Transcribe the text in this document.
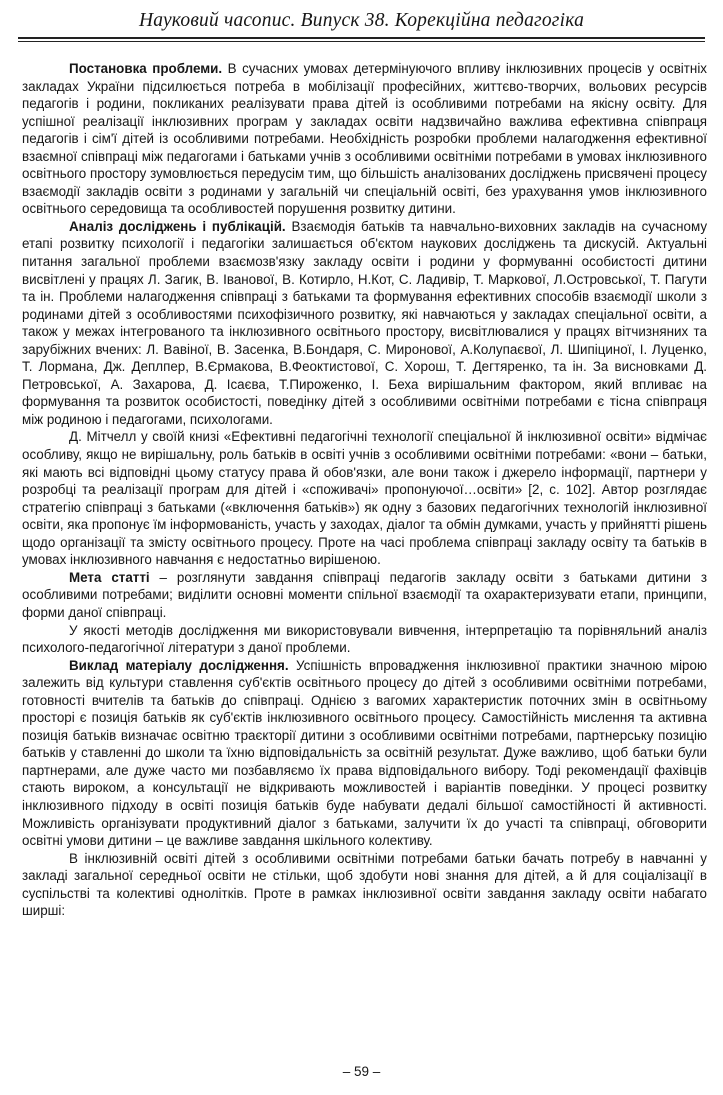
Науковий часопис. Випуск 38. Корекційна педагогіка

Постановка проблеми. В сучасних умовах детермінуючого впливу інклюзивних процесів у освітніх закладах України підсилюється потреба в мобілізації професійних, життєво-творчих, вольових ресурсів педагогів і родини, покликаних реалізувати права дітей із особливими потребами на якісну освіту. Для успішної реалізації інклюзивних програм у закладах освіти надзвичайно важлива ефективна співпраця педагогів і сім'ї дітей із особливими потребами. Необхідність розробки проблеми налагодження ефективної взаємної співпраці між педагогами і батьками учнів з особливими освітніми потребами в умовах інклюзивного освітнього простору зумовлюється передусім тим, що більшість аналізованих досліджень присвячені процесу взаємодії закладів освіти з родинами у загальній чи спеціальній освіті, без урахування умов інклюзивного освітнього середовища та особливостей порушення розвитку дитини.

Аналіз досліджень і публікацій. Взаємодія батьків та навчально-виховних закладів на сучасному етапі розвитку психології і педагогіки залишається об'єктом наукових досліджень та дискусій. Актуальні питання загальної проблеми взаємозв'язку закладу освіти і родини у формуванні особистості дитини висвітлені у працях Л. Загик, В. Іванової, В. Котирло, Н.Кот, С. Ладивір, Т. Маркової, Л.Островської, Т. Пагути та ін. Проблеми налагодження співпраці з батьками та формування ефективних способів взаємодії школи з родинами дітей з особливостями психофізичного розвитку, які навчаються у закладах спеціальної освіти, а також у межах інтегрованого та інклюзивного освітнього простору, висвітлювалися у працях вітчизняних та зарубіжних вчених: Л. Вавіної, В. Засенка, В.Бондаря, С. Миронової, А.Колупаєвої, Л. Шипіциної, І. Луценко, Т. Лормана, Дж. Деплпер, В.Єрмакова, В.Феоктистової, С. Хорош, Т. Дегтяренко, та ін. За висновками Д. Петровської, А. Захарова, Д. Ісаєва, Т.Пироженко, І. Беха вирішальним фактором, який впливає на формування та розвиток особистості, поведінку дітей з особливими освітніми потребами є тісна співпраця між родиною і педагогами, психологами.

Д. Мітчелл у своїй книзі «Ефективні педагогічні технології спеціальної й інклюзивної освіти» відмічає особливу, якщо не вирішальну, роль батьків в освіті учнів з особливими освітніми потребами: «вони – батьки, які мають всі відповідні цьому статусу права й обов'язки, але вони також і джерело інформації, партнери у розробці та реалізації програм для дітей і «споживачі» пропонуючої…освіти» [2, с. 102]. Автор розглядає стратегію співпраці з батьками («включення батьків») як одну з базових педагогічних технологій інклюзивної освіти, яка пропонує їм інформованість, участь у заходах, діалог та обмін думками, участь у прийнятті рішень щодо організації та змісту освітнього процесу. Проте на часі проблема співпраці закладу освіту та батьків в умовах інклюзивного навчання є недостатньо вирішеною.

Мета статті – розглянути завдання співпраці педагогів закладу освіти з батьками дитини з особливими потребами; виділити основні моменти спільної взаємодії та охарактеризувати етапи, принципи, форми даної співпраці.

У якості методів дослідження ми використовували вивчення, інтерпретацію та порівняльний аналіз психолого-педагогічної літератури з даної проблеми.

Виклад матеріалу дослідження. Успішність впровадження інклюзивної практики значною мірою залежить від культури ставлення суб'єктів освітнього процесу до дітей з особливими освітніми потребами, готовності вчителів та батьків до співпраці. Однією з вагомих характеристик поточних змін в освітньому просторі є позиція батьків як суб'єктів інклюзивного освітнього процесу. Самостійність мислення та активна позиція батьків визначає освітню траєкторії дитини з особливими освітніми потребами, партнерську позицію батьків у ставленні до школи та їхню відповідальність за освітній результат. Дуже важливо, щоб батьки були партнерами, але дуже часто ми позбавляємо їх права відповідального вибору. Тоді рекомендації фахівців стають вироком, а консультації не відкривають можливостей і варіантів поведінки. У процесі розвитку інклюзивного підходу в освіті позиція батьків буде набувати дедалі більшої самостійності й активності. Можливість організувати продуктивний діалог з батьками, залучити їх до участі та співпраці, обговорити освітні умови дитини – це важливе завдання шкільного колективу.

В інклюзивній освіті дітей з особливими освітніми потребами батьки бачать потребу в навчанні у закладі загальної середньої освіти не стільки, щоб здобути нові знання для дітей, а й для соціалізації в суспільстві та колективі однолітків. Проте в рамках інклюзивної освіти завдання закладу освіти набагато ширші:

– 59 –
